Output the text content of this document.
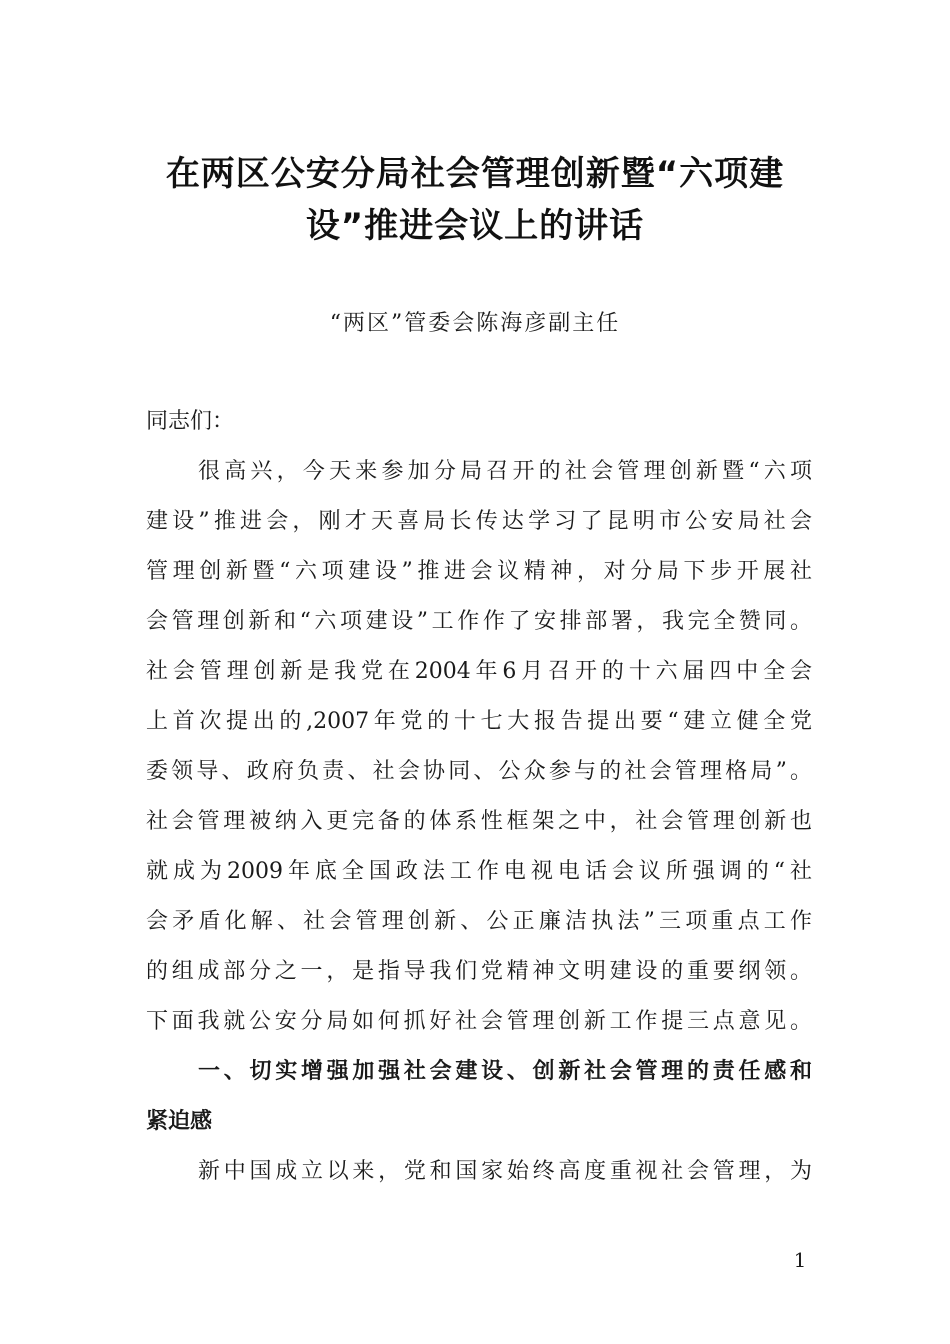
在两区公安分局社会管理创新暨“六项建
设”推进会议上的讲话
“两区”管委会陈海彦副主任
同志们：
很高兴，今天来参加分局召开的社会管理创新暨“六项
建设”推进会，刚才天喜局长传达学习了昆明市公安局社会
管理创新暨“六项建设”推进会议精神，对分局下步开展社
会管理创新和“六项建设”工作作了安排部署，我完全赞同。
社会管理创新是我党在2004年6月召开的十六届四中全会
上首次提出的,2007年党的十七大报告提出要“建立健全党
委领导、政府负责、社会协同、公众参与的社会管理格局”。
社会管理被纳入更完备的体系性框架之中，社会管理创新也
就成为2009年底全国政法工作电视电话会议所强调的“社
会矛盾化解、社会管理创新、公正廉洁执法”三项重点工作
的组成部分之一，是指导我们党精神文明建设的重要纲领。
下面我就公安分局如何抓好社会管理创新工作提三点意见。
一、切实增强加强社会建设、创新社会管理的责任感和
紧迫感
新中国成立以来，党和国家始终高度重视社会管理，为
1
